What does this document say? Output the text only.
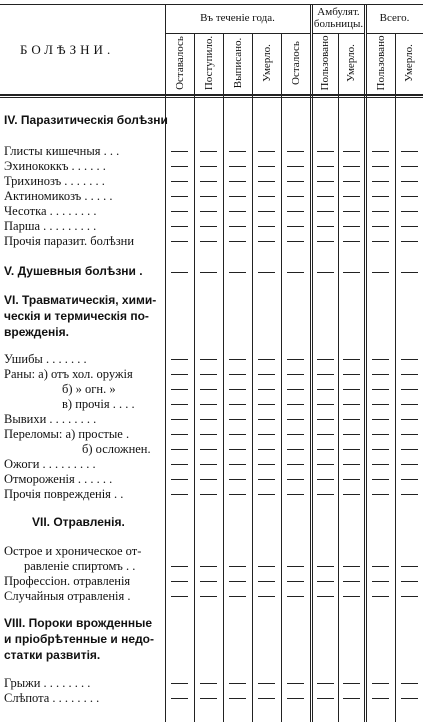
БОЛѢЗНИ.
Въ теченіе года.	Амбулят. больницы.	Всего.
Оставалось Поступило. Выписано. Умерло. Осталось Пользовано Умерло. Пользовано Умерло.
IV. Паразитическія болѣзни
V. Душевныя болѣзни .
VI. Травматическія, хими-
ческія и термическія по-
врежденія.
VII. Отравленія.
VIII. Пороки врожденные
и пріобрѣтенные и недо-
статки развитія.
Глисты кишечныя . . .
Эхинококкъ . . . . . .
Трихинозъ . . . . . . .
Актиномикозъ . . . . .
Чесотка . . . . . . . .
Парша . . . . . . . . .
Прочія паразит. болѣзни
Ушибы . . . . . . .
Раны: а) отъ хол. оружія
б) » огн. »
в) прочія . . . .
Вывихи . . . . . . . .
Переломы: а) простые .
б) осложнен.
Ожоги . . . . . . . . .
Отмороженія . . . . . .
Прочія поврежденія . .
Острое и хроническое от-
равленіе спиртомъ . .
Профессіон. отравленія
Случайныя отравленія .
Грыжи . . . . . . . .
Слѣпота . . . . . . . .
